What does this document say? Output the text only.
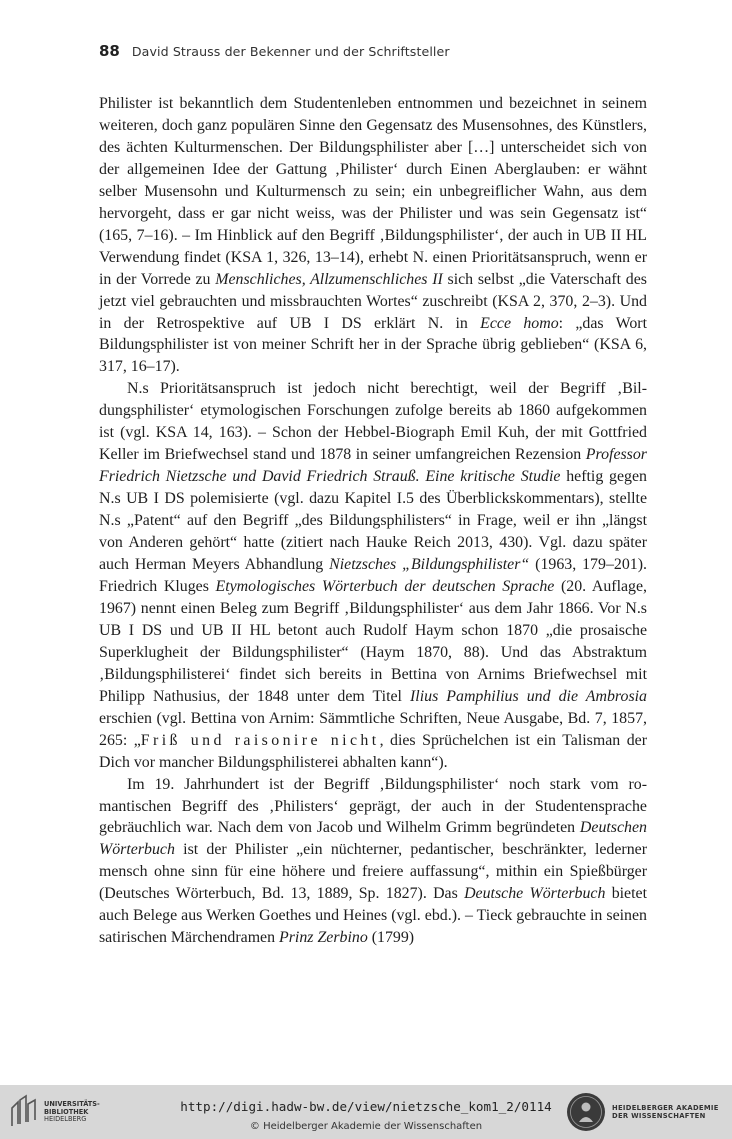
88 David Strauss der Bekenner und der Schriftsteller

Philister ist bekanntlich dem Studentenleben entnommen und bezeichnet in seinem weiteren, doch ganz populären Sinne den Gegensatz des Musensohnes, des Künstlers, des ächten Kulturmenschen. Der Bildungsphilister aber […] unterscheidet sich von der allgemeinen Idee der Gattung ‚Philister‘ durch Einen Aberglauben: er wähnt selber Musensohn und Kulturmensch zu sein; ein unbegreiflicher Wahn, aus dem hervorgeht, dass er gar nicht weiss, was der Philister und was sein Gegensatz ist“ (165, 7–16). – Im Hinblick auf den Begriff ‚Bildungsphilister‘, der auch in UB II HL Verwendung findet (KSA 1, 326, 13–14), erhebt N. einen Prioritätsanspruch, wenn er in der Vorrede zu Menschliches, Allzumenschliches II sich selbst „die Vaterschaft des jetzt viel gebrauchten und missbrauchten Wortes“ zuschreibt (KSA 2, 370, 2–3). Und in der Retrospektive auf UB I DS erklärt N. in Ecce homo: „das Wort Bildungsphilister ist von meiner Schrift her in der Sprache übrig geblieben“ (KSA 6, 317, 16–17).

N.s Prioritätsanspruch ist jedoch nicht berechtigt, weil der Begriff ‚Bildungsphilister‘ etymologischen Forschungen zufolge bereits ab 1860 aufgekommen ist (vgl. KSA 14, 163). – Schon der Hebbel-Biograph Emil Kuh, der mit Gottfried Keller im Briefwechsel stand und 1878 in seiner umfangreichen Rezension Professor Friedrich Nietzsche und David Friedrich Strauß. Eine kritische Studie heftig gegen N.s UB I DS polemisierte (vgl. dazu Kapitel I.5 des Überblickskommentars), stellte N.s „Patent“ auf den Begriff „des Bildungsphilisters“ in Frage, weil er ihn „längst von Anderen gehört“ hatte (zitiert nach Hauke Reich 2013, 430). Vgl. dazu später auch Herman Meyers Abhandlung Nietzsches „Bildungsphilister“ (1963, 179–201). Friedrich Kluges Etymologisches Wörterbuch der deutschen Sprache (20. Auflage, 1967) nennt einen Beleg zum Begriff ‚Bildungsphilister‘ aus dem Jahr 1866. Vor N.s UB I DS und UB II HL betont auch Rudolf Haym schon 1870 „die prosaische Superklugheit der Bildungsphilister“ (Haym 1870, 88). Und das Abstraktum ‚Bildungsphilisterei‘ findet sich bereits in Bettina von Arnims Briefwechsel mit Philipp Nathusius, der 1848 unter dem Titel Ilius Pamphilius und die Ambrosia erschien (vgl. Bettina von Arnim: Sämmtliche Schriften, Neue Ausgabe, Bd. 7, 1857, 265: „Friß und raisonire nicht, dies Sprüchelchen ist ein Talisman der Dich vor mancher Bildungsphilisterei abhalten kann“).

Im 19. Jahrhundert ist der Begriff ‚Bildungsphilister‘ noch stark vom romantischen Begriff des ‚Philisters‘ geprägt, der auch in der Studentensprache gebräuchlich war. Nach dem von Jacob und Wilhelm Grimm begründeten Deutschen Wörterbuch ist der Philister „ein nüchterner, pedantischer, beschränkter, lederner mensch ohne sinn für eine höhere und freiere auffassung“, mithin ein Spießbürger (Deutsches Wörterbuch, Bd. 13, 1889, Sp. 1827). Das Deutsche Wörterbuch bietet auch Belege aus Werken Goethes und Heines (vgl. ebd.). – Tieck gebrauchte in seinen satirischen Märchendramen Prinz Zerbino (1799)

UNIVERSITÄTS-
BIBLIOTHEK
HEIDELBERG
http://digi.hadw-bw.de/view/nietzsche_kom1_2/0114
© Heidelberger Akademie der Wissenschaften
HEIDELBERGER AKADEMIE
DER WISSENSCHAFTEN
